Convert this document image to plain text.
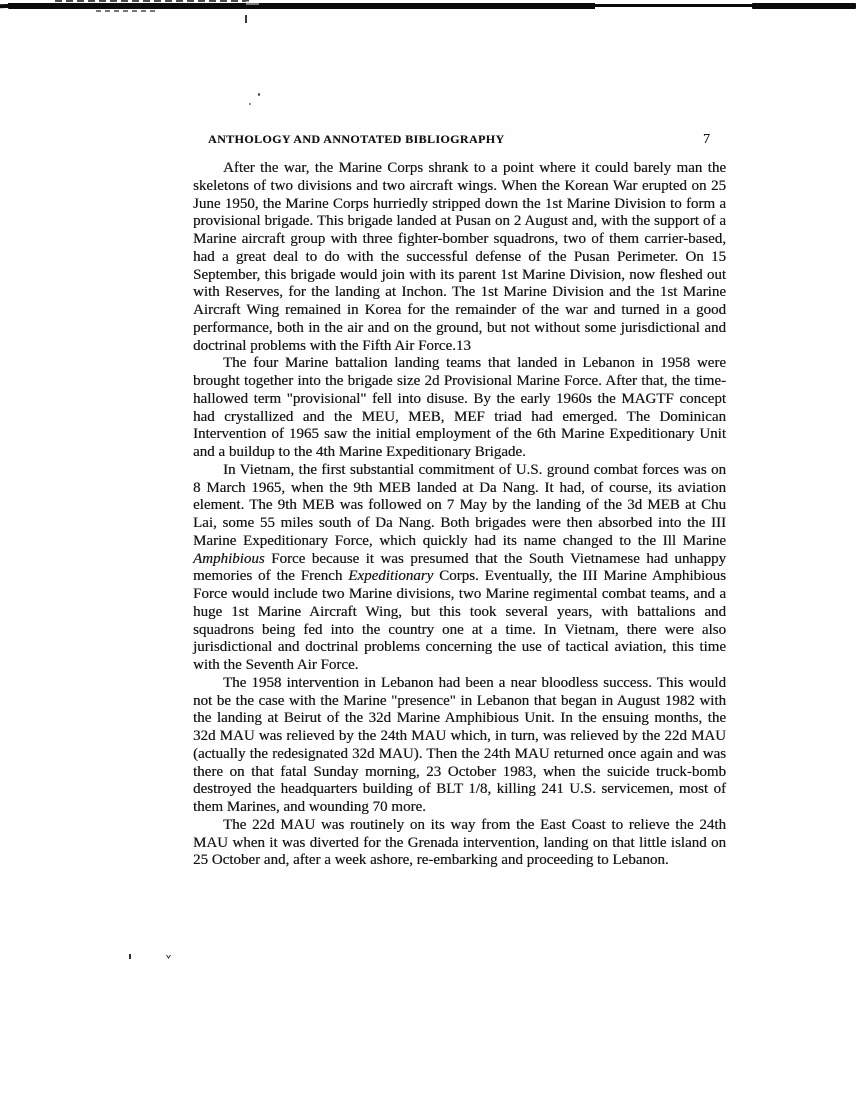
ANTHOLOGY AND ANNOTATED BIBLIOGRAPHY	7

After the war, the Marine Corps shrank to a point where it could barely man the skeletons of two divisions and two aircraft wings. When the Korean War erupted on 25 June 1950, the Marine Corps hurriedly stripped down the 1st Marine Division to form a provisional brigade. This brigade landed at Pusan on 2 August and, with the support of a Marine aircraft group with three fighter-bomber squadrons, two of them carrier-based, had a great deal to do with the successful defense of the Pusan Perimeter. On 15 September, this brigade would join with its parent 1st Marine Division, now fleshed out with Reserves, for the landing at Inchon. The 1st Marine Division and the 1st Marine Aircraft Wing remained in Korea for the remainder of the war and turned in a good performance, both in the air and on the ground, but not without some jurisdictional and doctrinal problems with the Fifth Air Force.13

The four Marine battalion landing teams that landed in Lebanon in 1958 were brought together into the brigade size 2d Provisional Marine Force. After that, the time-hallowed term "provisional" fell into disuse. By the early 1960s the MAGTF concept had crystallized and the MEU, MEB, MEF triad had emerged. The Dominican Intervention of 1965 saw the initial employment of the 6th Marine Expeditionary Unit and a buildup to the 4th Marine Expeditionary Brigade.

In Vietnam, the first substantial commitment of U.S. ground combat forces was on 8 March 1965, when the 9th MEB landed at Da Nang. It had, of course, its aviation element. The 9th MEB was followed on 7 May by the landing of the 3d MEB at Chu Lai, some 55 miles south of Da Nang. Both brigades were then absorbed into the III Marine Expeditionary Force, which quickly had its name changed to the Ill Marine Amphibious Force because it was presumed that the South Vietnamese had unhappy memories of the French Expeditionary Corps. Eventually, the III Marine Amphibious Force would include two Marine divisions, two Marine regimental combat teams, and a huge 1st Marine Aircraft Wing, but this took several years, with battalions and squadrons being fed into the country one at a time. In Vietnam, there were also jurisdictional and doctrinal problems concerning the use of tactical aviation, this time with the Seventh Air Force.

The 1958 intervention in Lebanon had been a near bloodless success. This would not be the case with the Marine "presence" in Lebanon that began in August 1982 with the landing at Beirut of the 32d Marine Amphibious Unit. In the ensuing months, the 32d MAU was relieved by the 24th MAU which, in turn, was relieved by the 22d MAU (actually the redesignated 32d MAU). Then the 24th MAU returned once again and was there on that fatal Sunday morning, 23 October 1983, when the suicide truck-bomb destroyed the headquarters building of BLT 1/8, killing 241 U.S. servicemen, most of them Marines, and wounding 70 more.

The 22d MAU was routinely on its way from the East Coast to relieve the 24th MAU when it was diverted for the Grenada intervention, landing on that little island on 25 October and, after a week ashore, re-embarking and proceeding to Lebanon.
